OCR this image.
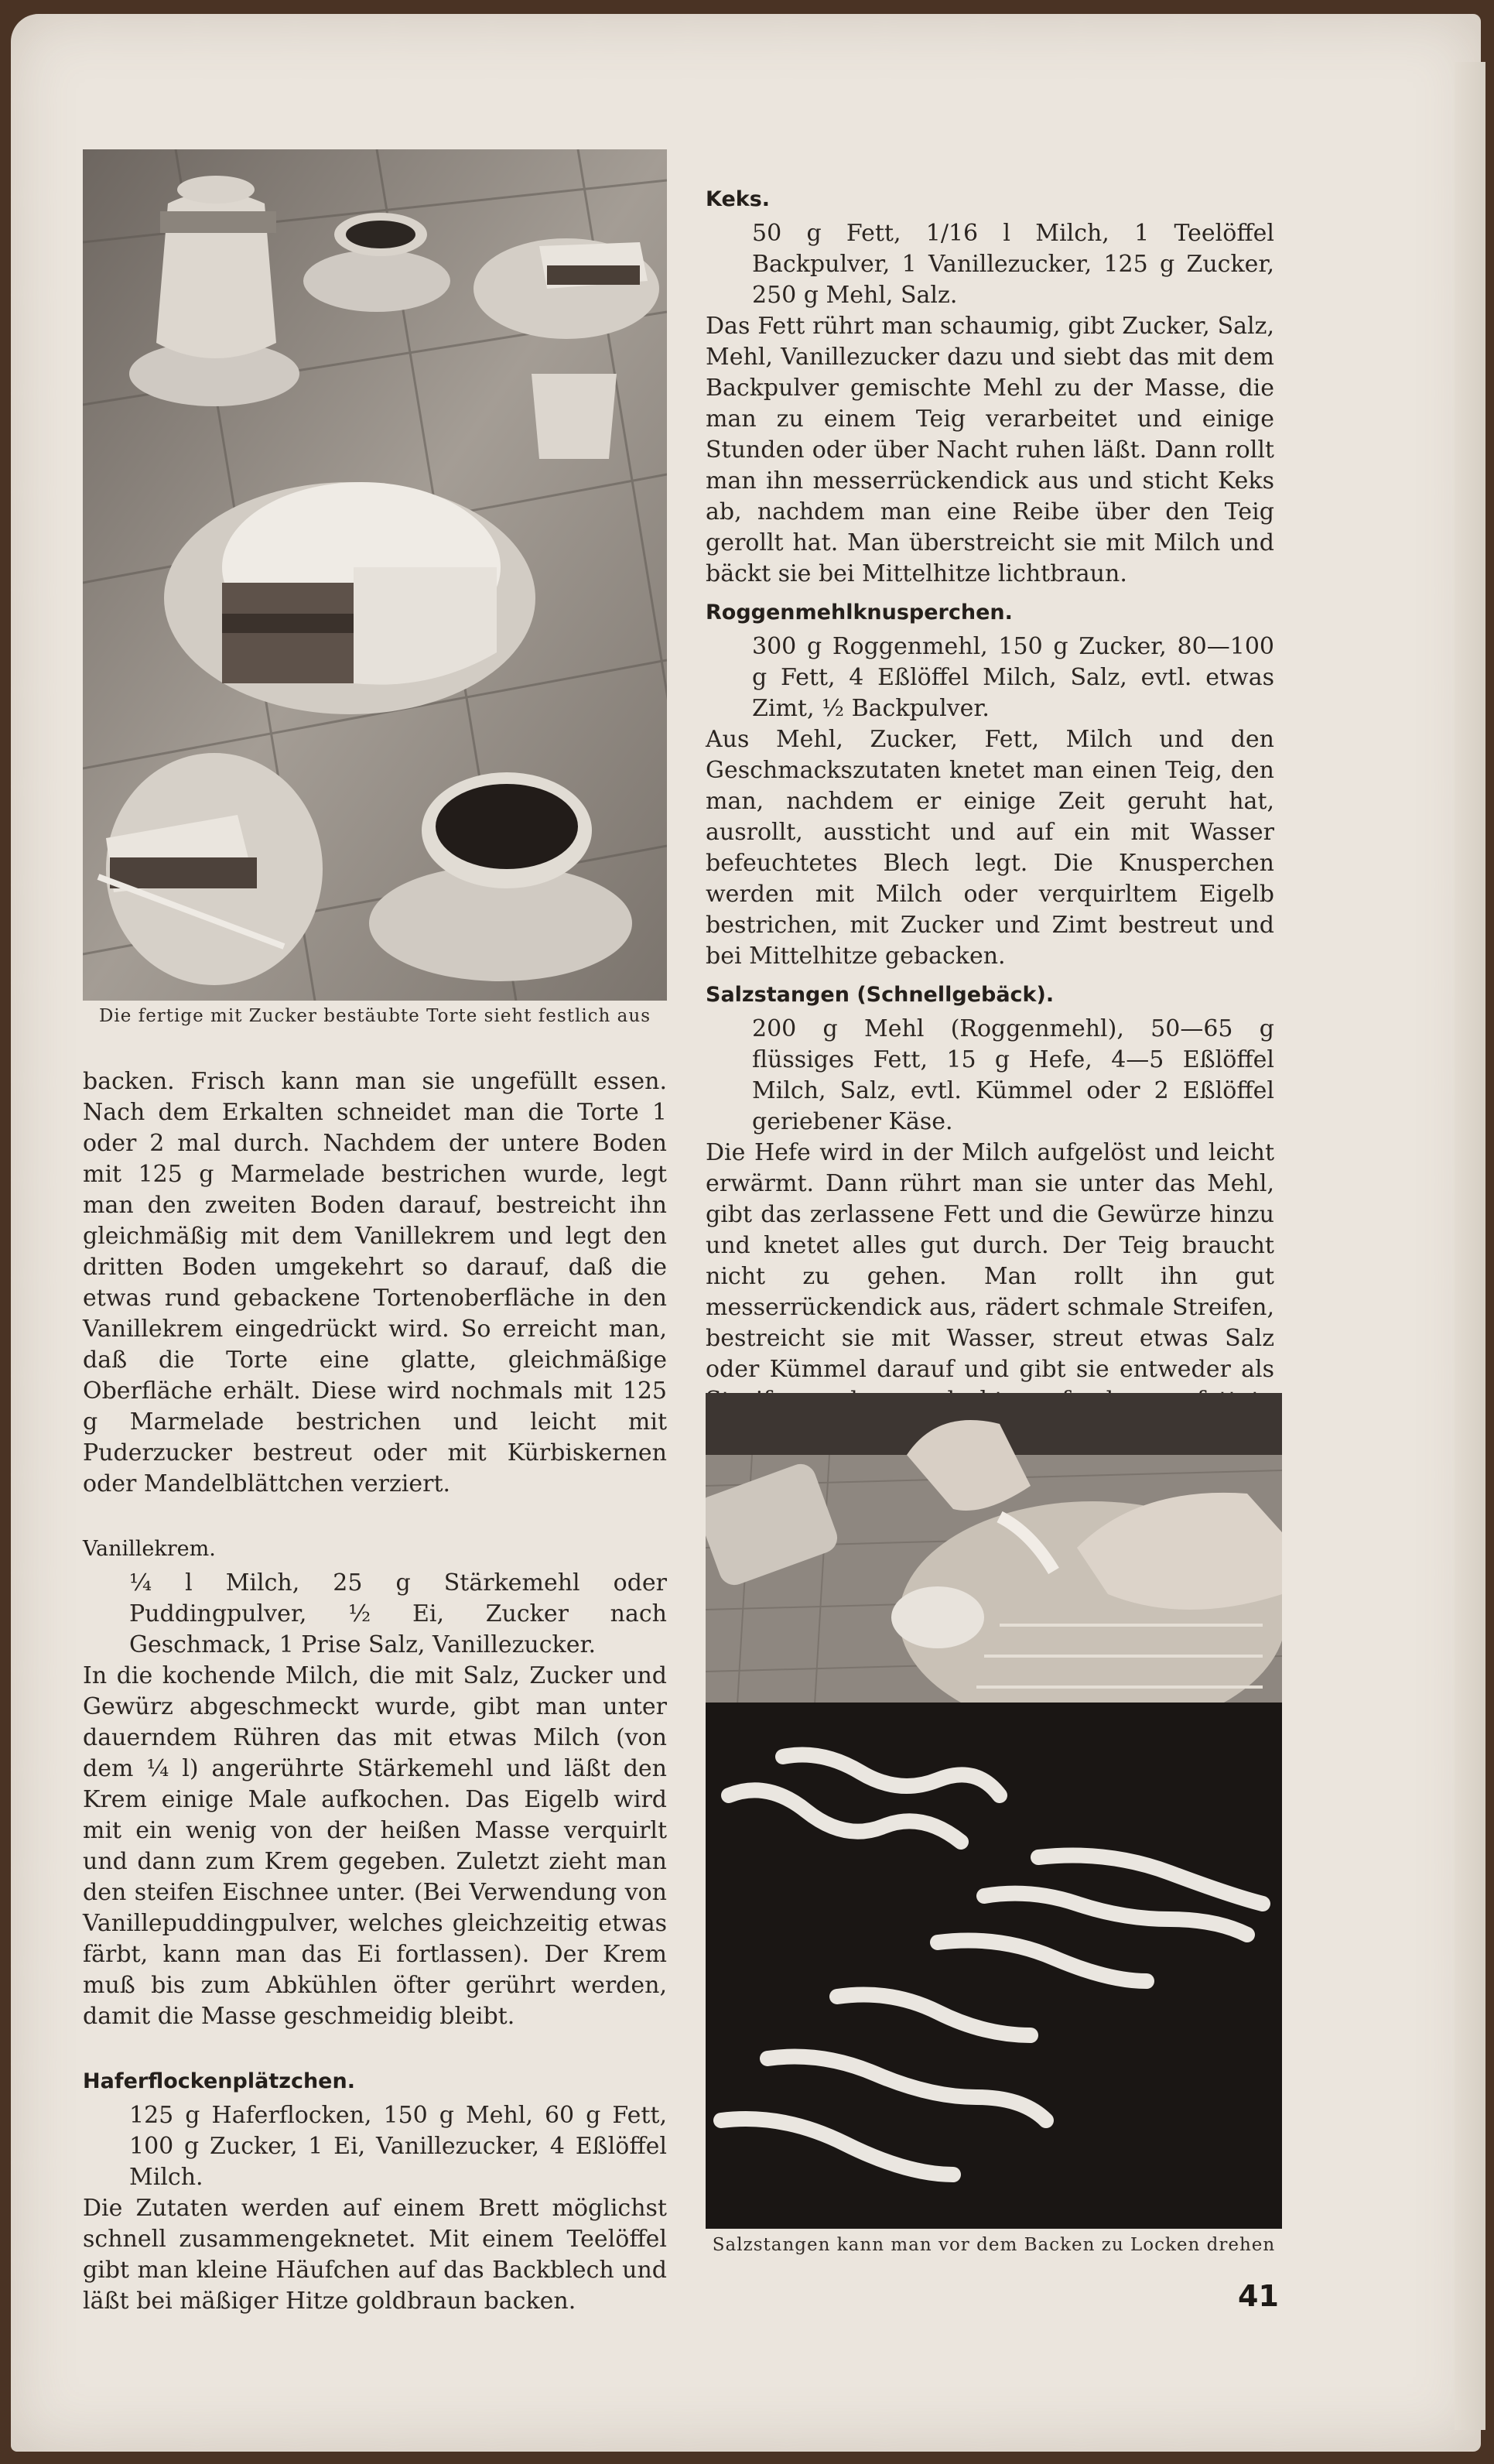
Die fertige mit Zucker bestäubte Torte sieht festlich aus

backen. Frisch kann man sie ungefüllt essen. Nach dem Erkalten schneidet man die Torte 1 oder 2 mal durch. Nachdem der untere Boden mit 125 g Marmelade bestrichen wurde, legt man den zweiten Boden darauf, bestreicht ihn gleichmäßig mit dem Vanillekrem und legt den dritten Boden umgekehrt so darauf, daß die etwas rund gebackene Tortenoberfläche in den Vanillekrem eingedrückt wird. So erreicht man, daß die Torte eine glatte, gleichmäßige Oberfläche erhält. Diese wird nochmals mit 125 g Marmelade bestrichen und leicht mit Puderzucker bestreut oder mit Kürbiskernen oder Mandelblättchen verziert.

Vanillekrem.

¼ l Milch, 25 g Stärkemehl oder Puddingpulver, ½ Ei, Zucker nach Geschmack, 1 Prise Salz, Vanillezucker.

In die kochende Milch, die mit Salz, Zucker und Gewürz abgeschmeckt wurde, gibt man unter dauerndem Rühren das mit etwas Milch (von dem ¼ l) angerührte Stärkemehl und läßt den Krem einige Male aufkochen. Das Eigelb wird mit ein wenig von der heißen Masse verquirlt und dann zum Krem gegeben. Zuletzt zieht man den steifen Eischnee unter. (Bei Verwendung von Vanillepuddingpulver, welches gleichzeitig etwas färbt, kann man das Ei fortlassen). Der Krem muß bis zum Abkühlen öfter gerührt werden, damit die Masse geschmeidig bleibt.

Haferflockenplätzchen.

125 g Haferflocken, 150 g Mehl, 60 g Fett, 100 g Zucker, 1 Ei, Vanillezucker, 4 Eßlöffel Milch.

Die Zutaten werden auf einem Brett möglichst schnell zusammengeknetet. Mit einem Teelöffel gibt man kleine Häufchen auf das Backblech und läßt bei mäßiger Hitze goldbraun backen.

Keks.

50 g Fett, 1/16 l Milch, 1 Teelöffel Backpulver, 1 Vanillezucker, 125 g Zucker, 250 g Mehl, Salz.

Das Fett rührt man schaumig, gibt Zucker, Salz, Mehl, Vanillezucker dazu und siebt das mit dem Backpulver gemischte Mehl zu der Masse, die man zu einem Teig verarbeitet und einige Stunden oder über Nacht ruhen läßt. Dann rollt man ihn messerrückendick aus und sticht Keks ab, nachdem man eine Reibe über den Teig gerollt hat. Man überstreicht sie mit Milch und bäckt sie bei Mittelhitze lichtbraun.

Roggenmehlknusperchen.

300 g Roggenmehl, 150 g Zucker, 80—100 g Fett, 4 Eßlöffel Milch, Salz, evtl. etwas Zimt, ½ Backpulver.

Aus Mehl, Zucker, Fett, Milch und den Geschmackszutaten knetet man einen Teig, den man, nachdem er einige Zeit geruht hat, ausrollt, aussticht und auf ein mit Wasser befeuchtetes Blech legt. Die Knusperchen werden mit Milch oder verquirltem Eigelb bestrichen, mit Zucker und Zimt bestreut und bei Mittelhitze gebacken.

Salzstangen (Schnellgebäck).

200 g Mehl (Roggenmehl), 50—65 g flüssiges Fett, 15 g Hefe, 4—5 Eßlöffel Milch, Salz, evtl. Kümmel oder 2 Eßlöffel geriebener Käse.

Die Hefe wird in der Milch aufgelöst und leicht erwärmt. Dann rührt man sie unter das Mehl, gibt das zerlassene Fett und die Gewürze hinzu und knetet alles gut durch. Der Teig braucht nicht zu gehen. Man rollt ihn gut messerrückendick aus, rädert schmale Streifen, bestreicht sie mit Wasser, streut etwas Salz oder Kümmel darauf und gibt sie entweder als

Salzstangen kann man vor dem Backen zu Locken drehen
41
